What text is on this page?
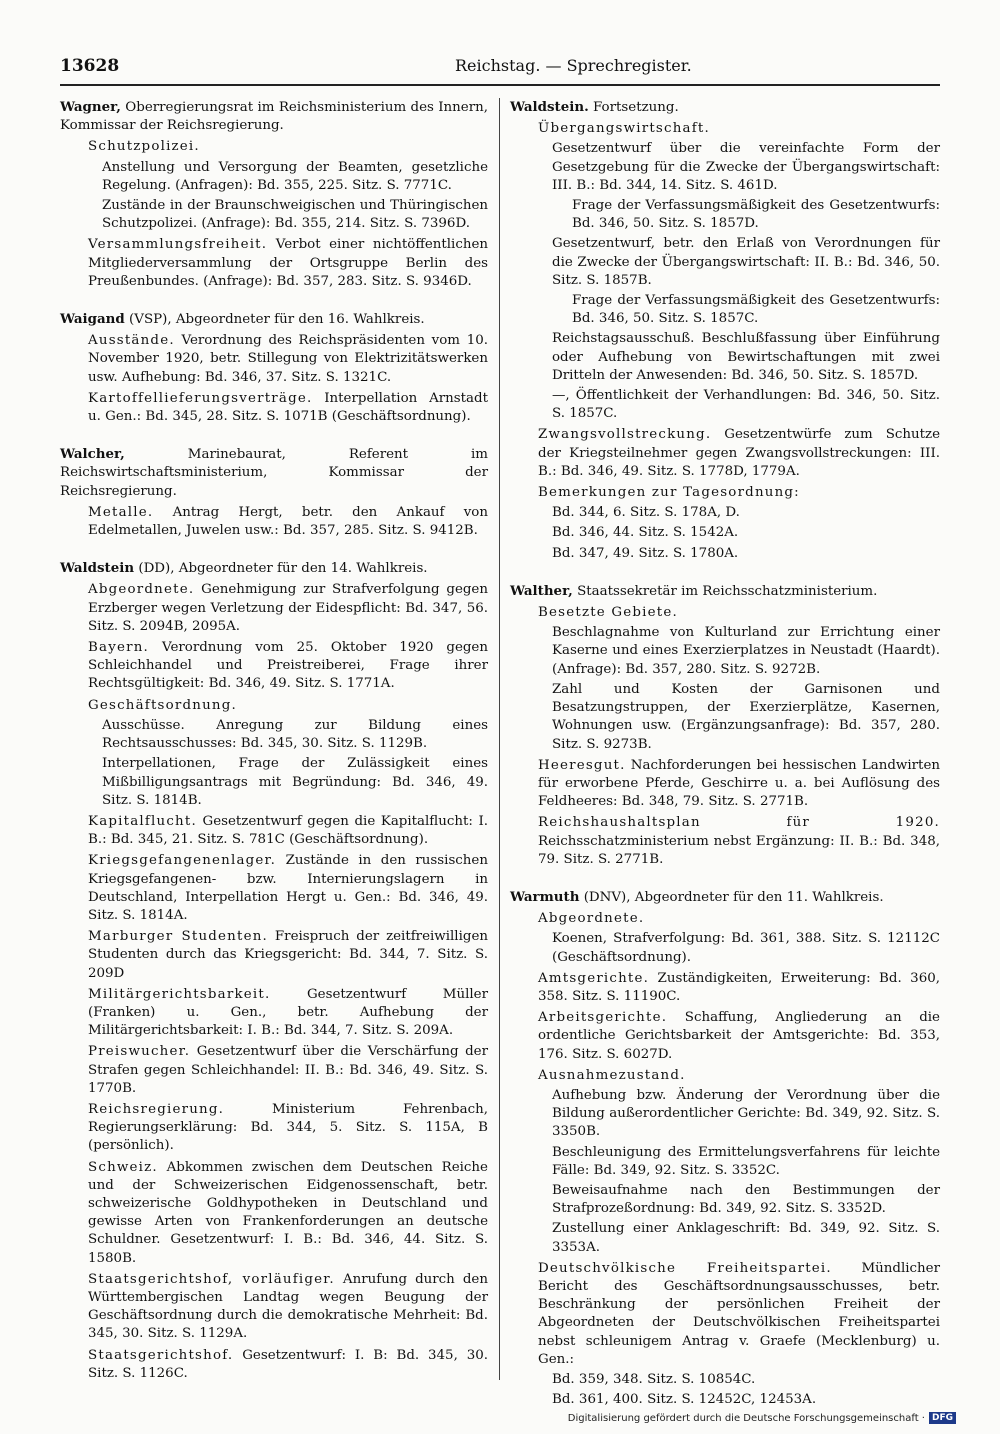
13628	Reichstag. — Sprechregister.
Wagner, Oberregierungsrat im Reichsministerium des Innern, Kommissar der Reichsregierung.
Schutzpolizei.
Anstellung und Versorgung der Beamten, gesetzliche Regelung. (Anfragen): Bd. 355, 225. Sitz. S. 7771C.
Zustände in der Braunschweigischen und Thüringischen Schutzpolizei. (Anfrage): Bd. 355, 214. Sitz. S. 7396D.
Versammlungsfreiheit. Verbot einer nichtöffentlichen Mitgliederversammlung der Ortsgruppe Berlin des Preußenbundes. (Anfrage): Bd. 357, 283. Sitz. S. 9346D.
Waigand (VSP), Abgeordneter für den 16. Wahlkreis.
Ausstände. Verordnung des Reichspräsidenten vom 10. November 1920, betr. Stillegung von Elektrizitätswerken usw. Aufhebung: Bd. 346, 37. Sitz. S. 1321C.
Kartoffellieferungsverträge. Interpellation Arnstadt u. Gen.: Bd. 345, 28. Sitz. S. 1071B (Geschäftsordnung).
Walcher,	Marinebaurat, Referent im Reichswirtschaftsministerium, Kommissar der Reichsregierung.
Metalle. Antrag Hergt, betr. den Ankauf von Edelmetallen, Juwelen usw.: Bd. 357, 285. Sitz. S. 9412B.
Waldstein (DD), Abgeordneter für den 14. Wahlkreis.
Abgeordnete. Genehmigung zur Strafverfolgung gegen Erzberger wegen Verletzung der Eidespflicht: Bd. 347, 56. Sitz. S. 2094B, 2095A.
Bayern. Verordnung vom 25. Oktober 1920 gegen Schleichhandel und Preistreiberei, Frage ihrer Rechtsgültigkeit: Bd. 346, 49. Sitz. S. 1771A.
Geschäftsordnung.
Ausschüsse. Anregung zur Bildung eines Rechtsausschusses: Bd. 345, 30. Sitz. S. 1129B.
Interpellationen, Frage der Zulässigkeit eines Mißbilligungsantrags mit Begründung: Bd. 346, 49. Sitz. S. 1814B.
Kapitalflucht. Gesetzentwurf gegen die Kapitalflucht: I. B.: Bd. 345, 21. Sitz. S. 781C (Geschäftsordnung).
Kriegsgefangenenlager. Zustände in den russischen Kriegsgefangenen- bzw. Internierungslagern in Deutschland, Interpellation Hergt u. Gen.: Bd. 346, 49. Sitz. S. 1814A.
Marburger Studenten. Freispruch der zeitfreiwilligen Studenten durch das Kriegsgericht: Bd. 344, 7. Sitz. S. 209D
Militärgerichtsbarkeit.	Gesetzentwurf Müller (Franken) u. Gen., betr. Aufhebung der Militärgerichtsbarkeit: I. B.: Bd. 344, 7. Sitz. S. 209A.
Preiswucher. Gesetzentwurf über die Verschärfung der Strafen gegen Schleichhandel: II. B.: Bd. 346, 49. Sitz. S. 1770B.
Reichsregierung.	Ministerium Fehrenbach, Regierungserklärung: Bd. 344, 5. Sitz. S. 115A, B (persönlich).
Schweiz. Abkommen zwischen dem Deutschen Reiche und der Schweizerischen Eidgenossenschaft, betr. schweizerische Goldhypotheken in Deutschland und gewisse Arten von Frankenforderungen an deutsche Schuldner. Gesetzentwurf: I. B.: Bd. 346, 44. Sitz. S. 1580B.
Staatsgerichtshof, vorläufiger. Anrufung durch den Württembergischen Landtag wegen Beugung der Geschäftsordnung durch die demokratische Mehrheit: Bd. 345, 30. Sitz. S. 1129A.
Staatsgerichtshof. Gesetzentwurf: I. B: Bd. 345, 30. Sitz. S. 1126C.
Waldstein. Fortsetzung.
Übergangswirtschaft.
Gesetzentwurf über die vereinfachte Form der Gesetzgebung für die Zwecke der Übergangswirtschaft: III. B.: Bd. 344, 14. Sitz. S. 461D.
Frage der Verfassungsmäßigkeit des Gesetzentwurfs: Bd. 346, 50. Sitz. S. 1857D.
Gesetzentwurf, betr. den Erlaß von Verordnungen für die Zwecke der Übergangswirtschaft: II. B.: Bd. 346, 50. Sitz. S. 1857B.
Frage der Verfassungsmäßigkeit des Gesetzentwurfs: Bd. 346, 50. Sitz. S. 1857C.
Reichstagsausschuß. Beschlußfassung über Einführung oder Aufhebung von Bewirtschaftungen mit zwei Dritteln der Anwesenden: Bd. 346, 50. Sitz. S. 1857D.
—, Öffentlichkeit der Verhandlungen: Bd. 346, 50. Sitz. S. 1857C.
Zwangsvollstreckung. Gesetzentwürfe zum Schutze der Kriegsteilnehmer gegen Zwangsvollstreckungen: III. B.: Bd. 346, 49. Sitz. S. 1778D, 1779A.
Bemerkungen zur Tagesordnung:
Bd. 344, 6. Sitz. S. 178A, D.
Bd. 346, 44. Sitz. S. 1542A.
Bd. 347, 49. Sitz. S. 1780A.
Walther, Staatssekretär im Reichsschatzministerium.
Besetzte Gebiete.
Beschlagnahme von Kulturland zur Errichtung einer Kaserne und eines Exerzierplatzes in Neustadt (Haardt). (Anfrage): Bd. 357, 280. Sitz. S. 9272B.
Zahl und Kosten der Garnisonen und Besatzungstruppen, der Exerzierplätze, Kasernen, Wohnungen usw. (Ergänzungsanfrage): Bd. 357, 280. Sitz. S. 9273B.
Heeresgut. Nachforderungen bei hessischen Landwirten für erworbene Pferde, Geschirre u. a. bei Auflösung des Feldheeres: Bd. 348, 79. Sitz. S. 2771B.
Reichshaushaltsplan für 1920. Reichsschatzministerium nebst Ergänzung: II. B.: Bd. 348, 79. Sitz. S. 2771B.
Warmuth (DNV), Abgeordneter für den 11. Wahlkreis.
Abgeordnete.
Koenen, Strafverfolgung: Bd. 361, 388. Sitz. S. 12112C (Geschäftsordnung).
Amtsgerichte. Zuständigkeiten, Erweiterung: Bd. 360, 358. Sitz. S. 11190C.
Arbeitsgerichte. Schaffung, Angliederung an die ordentliche Gerichtsbarkeit der Amtsgerichte: Bd. 353, 176. Sitz. S. 6027D.
Ausnahmezustand.
Aufhebung bzw. Änderung der Verordnung über die Bildung außerordentlicher Gerichte: Bd. 349, 92. Sitz. S. 3350B.
Beschleunigung des Ermittelungsverfahrens für leichte Fälle: Bd. 349, 92. Sitz. S. 3352C.
Beweisaufnahme nach den Bestimmungen der Strafprozeßordnung: Bd. 349, 92. Sitz. S. 3352D.
Zustellung einer Anklageschrift: Bd. 349, 92. Sitz. S. 3353A.
Deutschvölkische Freiheitspartei. Mündlicher Bericht des Geschäftsordnungsausschusses, betr. Beschränkung der persönlichen Freiheit der Abgeordneten der Deutschvölkischen Freiheitspartei nebst schleunigem Antrag v. Graefe (Mecklenburg) u. Gen.:
Bd. 359, 348. Sitz. S. 10854C.
Bd. 361, 400. Sitz. S. 12452C, 12453A.
Digitalisierung gefördert durch die Deutsche Forschungsgemeinschaft · DFG
